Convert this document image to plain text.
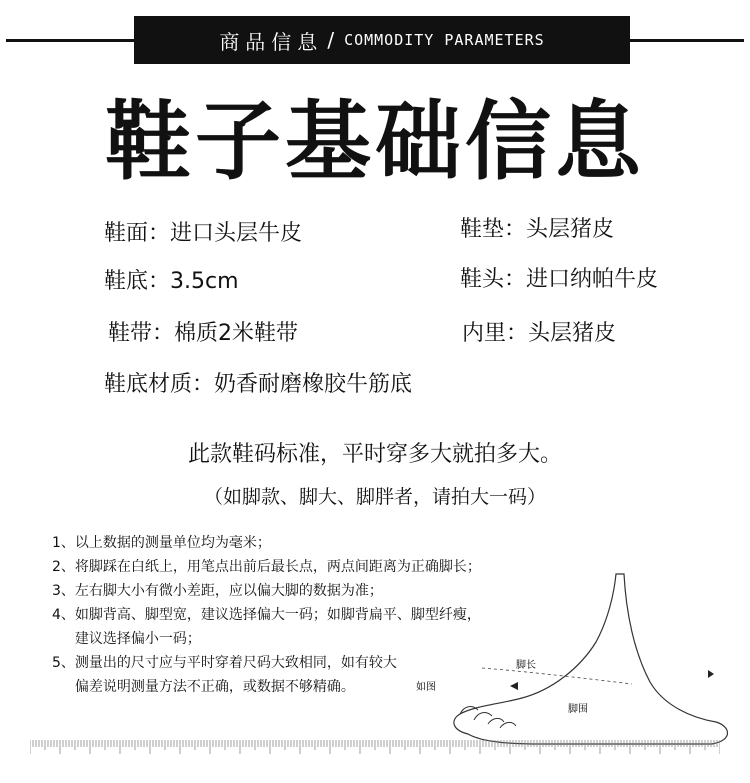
商品信息 / COMMODITY PARAMETERS
鞋子基础信息
鞋面：进口头层牛皮	鞋垫：头层猪皮
鞋底：3.5cm	鞋头：进口纳帕牛皮
鞋带：棉质2米鞋带	内里：头层猪皮
鞋底材质：奶香耐磨橡胶牛筋底
此款鞋码标准，平时穿多大就拍多大。
（如脚款、脚大、脚胖者，请拍大一码）
1、 以上数据的测量单位均为毫米；
2、 将脚踩在白纸上，用笔点出前后最长点，两点间距离为正确脚长；
3、 左右脚大小有微小差距，应以偏大脚的数据为准；
4、 如脚背高、脚型宽，建议选择偏大一码；如脚背扁平、脚型纤瘦，
建议选择偏小一码；
5、 测量出的尺寸应与平时穿着尺码大致相同，如有较大
偏差说明测量方法不正确，或数据不够精确。
脚长
脚围
如图
